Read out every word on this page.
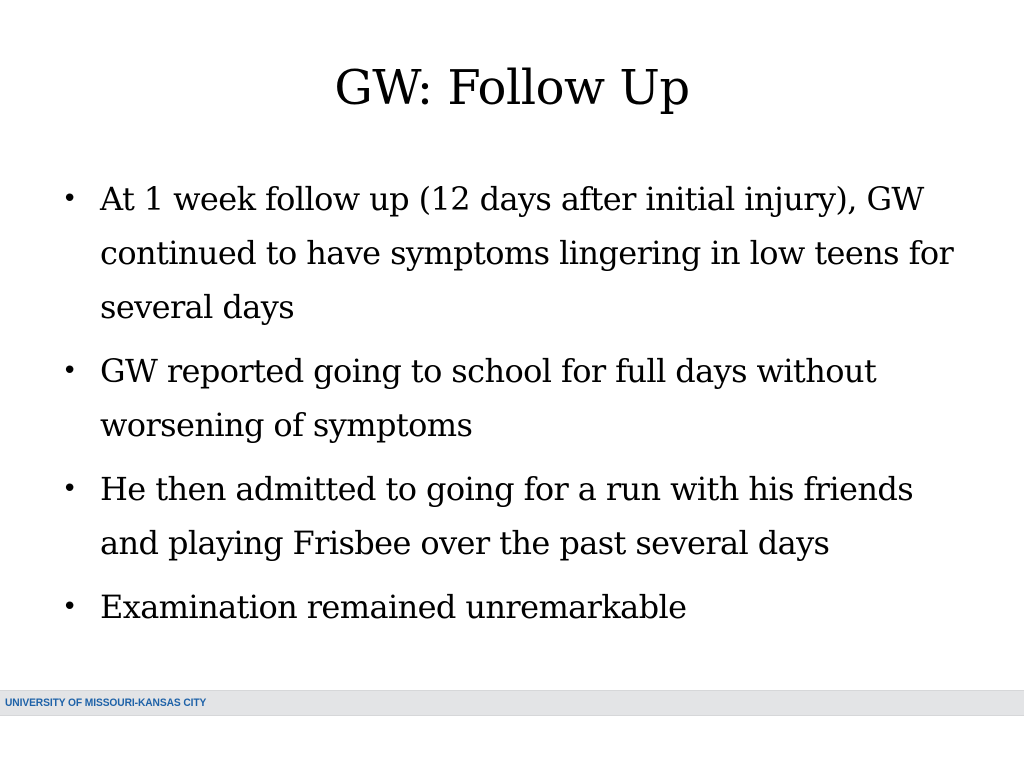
GW: Follow Up
• At 1 week follow up (12 days after initial injury), GW continued to have symptoms lingering in low teens for several days
• GW reported going to school for full days without worsening of symptoms
• He then admitted to going for a run with his friends and playing Frisbee over the past several days
• Examination remained unremarkable
UNIVERSITY OF MISSOURI-KANSAS CITY
